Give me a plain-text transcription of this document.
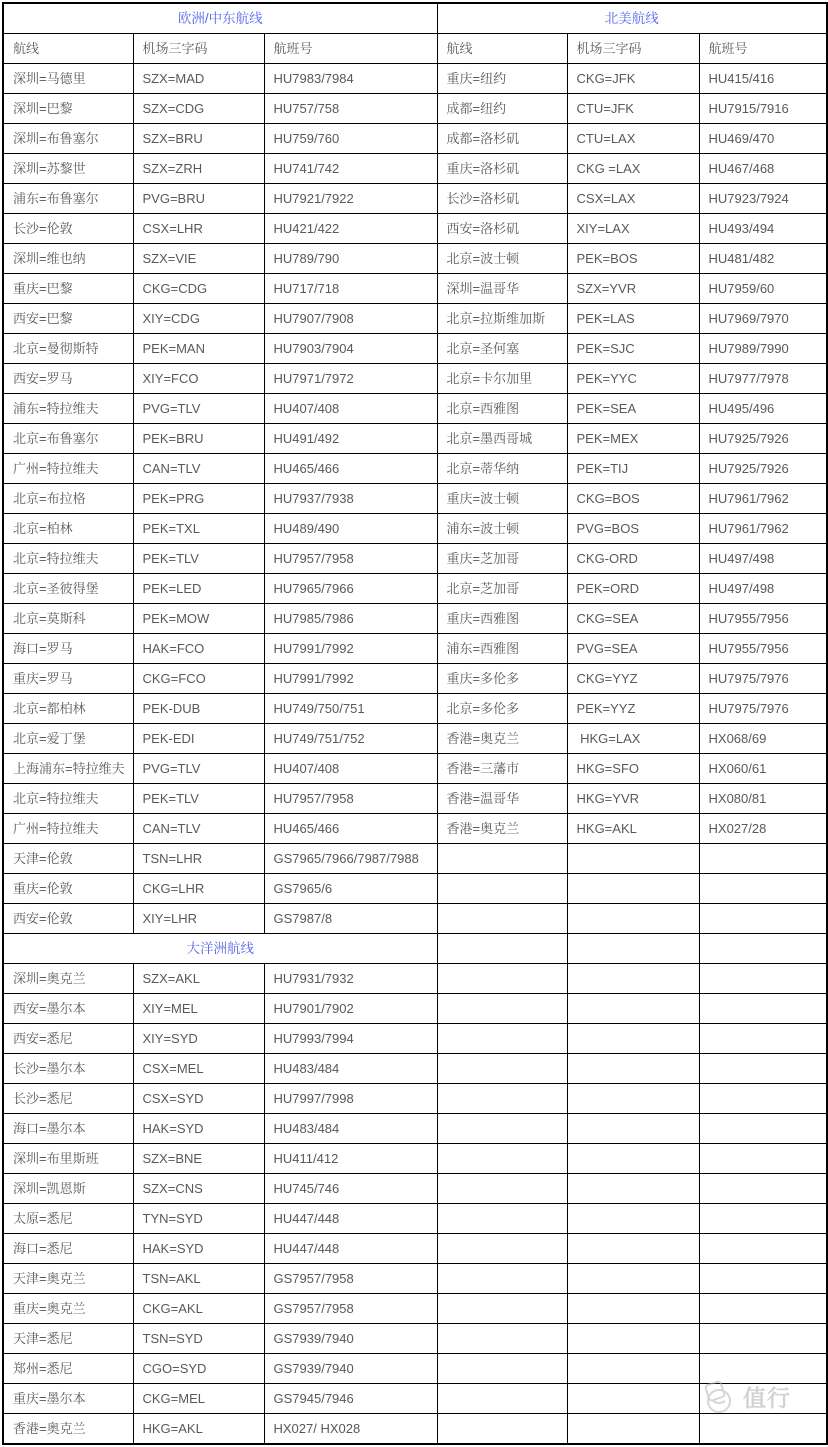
欧洲/中东航线			北美航线		
航线	机场三字码	航班号	航线	机场三字码	航班号
深圳=马德里	SZX=MAD	HU7983/7984	重庆=纽约	CKG=JFK	HU415/416
深圳=巴黎	SZX=CDG	HU757/758	成都=纽约	CTU=JFK	HU7915/7916
深圳=布鲁塞尔	SZX=BRU	HU759/760	成都=洛杉矶	CTU=LAX	HU469/470
深圳=苏黎世	SZX=ZRH	HU741/742	重庆=洛杉矶	CKG =LAX	HU467/468
浦东=布鲁塞尔	PVG=BRU	HU7921/7922	长沙=洛杉矶	CSX=LAX	HU7923/7924
长沙=伦敦	CSX=LHR	HU421/422	西安=洛杉矶	XIY=LAX	HU493/494
深圳=维也纳	SZX=VIE	HU789/790	北京=波士顿	PEK=BOS	HU481/482
重庆=巴黎	CKG=CDG	HU717/718	深圳=温哥华	SZX=YVR	HU7959/60
西安=巴黎	XIY=CDG	HU7907/7908	北京=拉斯维加斯	PEK=LAS	HU7969/7970
北京=曼彻斯特	PEK=MAN	HU7903/7904	北京=圣何塞	PEK=SJC	HU7989/7990
西安=罗马	XIY=FCO	HU7971/7972	北京=卡尔加里	PEK=YYC	HU7977/7978
浦东=特拉维夫	PVG=TLV	HU407/408	北京=西雅图	PEK=SEA	HU495/496
北京=布鲁塞尔	PEK=BRU	HU491/492	北京=墨西哥城	PEK=MEX	HU7925/7926
广州=特拉维夫	CAN=TLV	HU465/466	北京=蒂华纳	PEK=TIJ	HU7925/7926
北京=布拉格	PEK=PRG	HU7937/7938	重庆=波士顿	CKG=BOS	HU7961/7962
北京=柏林	PEK=TXL	HU489/490	浦东=波士顿	PVG=BOS	HU7961/7962
北京=特拉维夫	PEK=TLV	HU7957/7958	重庆=芝加哥	CKG-ORD	HU497/498
北京=圣彼得堡	PEK=LED	HU7965/7966	北京=芝加哥	PEK=ORD	HU497/498
北京=莫斯科	PEK=MOW	HU7985/7986	重庆=西雅图	CKG=SEA	HU7955/7956
海口=罗马	HAK=FCO	HU7991/7992	浦东=西雅图	PVG=SEA	HU7955/7956
重庆=罗马	CKG=FCO	HU7991/7992	重庆=多伦多	CKG=YYZ	HU7975/7976
北京=都柏林	PEK-DUB	HU749/750/751	北京=多伦多	PEK=YYZ	HU7975/7976
北京=爱丁堡	PEK-EDI	HU749/751/752	香港=奥克兰	HKG=LAX	HX068/69
上海浦东=特拉维夫	PVG=TLV	HU407/408	香港=三藩市	HKG=SFO	HX060/61
北京=特拉维夫	PEK=TLV	HU7957/7958	香港=温哥华	HKG=YVR	HX080/81
广州=特拉维夫	CAN=TLV	HU465/466	香港=奥克兰	HKG=AKL	HX027/28
天津=伦敦	TSN=LHR	GS7965/7966/7987/7988			
重庆=伦敦	CKG=LHR	GS7965/6			
西安=伦敦	XIY=LHR	GS7987/8			
大洋洲航线					
深圳=奥克兰	SZX=AKL	HU7931/7932			
西安=墨尔本	XIY=MEL	HU7901/7902			
西安=悉尼	XIY=SYD	HU7993/7994			
长沙=墨尔本	CSX=MEL	HU483/484			
长沙=悉尼	CSX=SYD	HU7997/7998			
海口=墨尔本	HAK=SYD	HU483/484			
深圳=布里斯班	SZX=BNE	HU411/412			
深圳=凯恩斯	SZX=CNS	HU745/746			
太原=悉尼	TYN=SYD	HU447/448			
海口=悉尼	HAK=SYD	HU447/448			
天津=奥克兰	TSN=AKL	GS7957/7958			
重庆=奥克兰	CKG=AKL	GS7957/7958			
天津=悉尼	TSN=SYD	GS7939/7940			
郑州=悉尼	CGO=SYD	GS7939/7940			
重庆=墨尔本	CKG=MEL	GS7945/7946			
香港=奥克兰	HKG=AKL	HX027/ HX028			
值行
